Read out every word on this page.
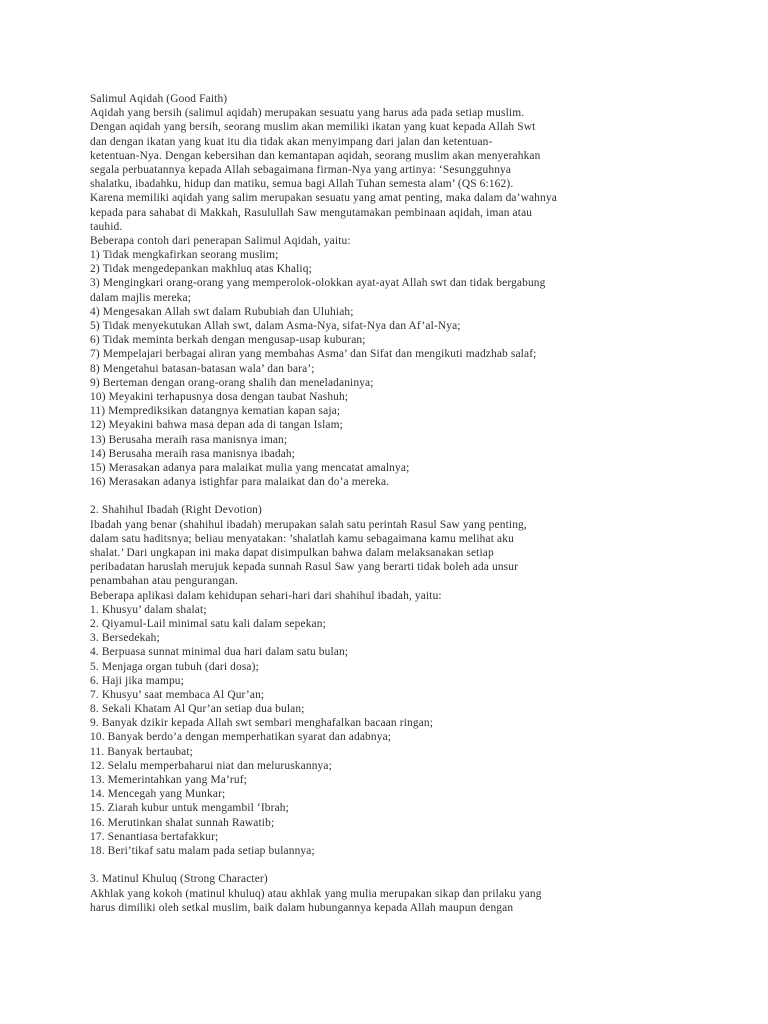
Salimul Aqidah (Good Faith)
Aqidah yang bersih (salimul aqidah) merupakan sesuatu yang harus ada pada setiap muslim.
Dengan aqidah yang bersih, seorang muslim akan memiliki ikatan yang kuat kepada Allah Swt
dan dengan ikatan yang kuat itu dia tidak akan menyimpang dari jalan dan ketentuan-
ketentuan-Nya. Dengan kebersihan dan kemantapan aqidah, seorang muslim akan menyerahkan
segala perbuatannya kepada Allah sebagaimana firman-Nya yang artinya: ‘Sesungguhnya
shalatku, ibadahku, hidup dan matiku, semua bagi Allah Tuhan semesta alam’ (QS 6:162).
Karena memiliki aqidah yang salim merupakan sesuatu yang amat penting, maka dalam da’wahnya
kepada para sahabat di Makkah, Rasulullah Saw mengutamakan pembinaan aqidah, iman atau
tauhid.
Beberapa contoh dari penerapan Salimul Aqidah, yaitu:
1) Tidak mengkafirkan seorang muslim;
2) Tidak mengedepankan makhluq atas Khaliq;
3) Mengingkari orang-orang yang memperolok-olokkan ayat-ayat Allah swt dan tidak bergabung
dalam majlis mereka;
4) Mengesakan Allah swt dalam Rububiah dan Uluhiah;
5) Tidak menyekutukan Allah swt, dalam Asma-Nya, sifat-Nya dan Af’al-Nya;
6) Tidak meminta berkah dengan mengusap-usap kuburan;
7) Mempelajari berbagai aliran yang membahas Asma’ dan Sifat dan mengikuti madzhab salaf;
8) Mengetahui batasan-batasan wala’ dan bara’;
9) Berteman dengan orang-orang shalih dan meneladaninya;
10) Meyakini terhapusnya dosa dengan taubat Nashuh;
11) Memprediksikan datangnya kematian kapan saja;
12) Meyakini bahwa masa depan ada di tangan Islam;
13) Berusaha meraih rasa manisnya iman;
14) Berusaha meraih rasa manisnya ibadah;
15) Merasakan adanya para malaikat mulia yang mencatat amalnya;
16) Merasakan adanya istighfar para malaikat dan do’a mereka.
2. Shahihul Ibadah (Right Devotion)
Ibadah yang benar (shahihul ibadah) merupakan salah satu perintah Rasul Saw yang penting,
dalam satu haditsnya; beliau menyatakan: ’shalatlah kamu sebagaimana kamu melihat aku
shalat.’ Dari ungkapan ini maka dapat disimpulkan bahwa dalam melaksanakan setiap
peribadatan haruslah merujuk kepada sunnah Rasul Saw yang berarti tidak boleh ada unsur
penambahan atau pengurangan.
Beberapa aplikasi dalam kehidupan sehari-hari dari shahihul ibadah, yaitu:
1. Khusyu’ dalam shalat;
2. Qiyamul-Lail minimal satu kali dalam sepekan;
3. Bersedekah;
4. Berpuasa sunnat minimal dua hari dalam satu bulan;
5. Menjaga organ tubuh (dari dosa);
6. Haji jika mampu;
7. Khusyu’ saat membaca Al Qur’an;
8. Sekali Khatam Al Qur’an setiap dua bulan;
9. Banyak dzikir kepada Allah swt sembari menghafalkan bacaan ringan;
10. Banyak berdo’a dengan memperhatikan syarat dan adabnya;
11. Banyak bertaubat;
12. Selalu memperbaharui niat dan meluruskannya;
13. Memerintahkan yang Ma’ruf;
14. Mencegah yang Munkar;
15. Ziarah kubur untuk mengambil ‘Ibrah;
16. Merutinkan shalat sunnah Rawatib;
17. Senantiasa bertafakkur;
18. Beri’tikaf satu malam pada setiap bulannya;
3. Matinul Khuluq (Strong Character)
Akhlak yang kokoh (matinul khuluq) atau akhlak yang mulia merupakan sikap dan prilaku yang
harus dimiliki oleh setkal muslim, baik dalam hubungannya kepada Allah maupun dengan
